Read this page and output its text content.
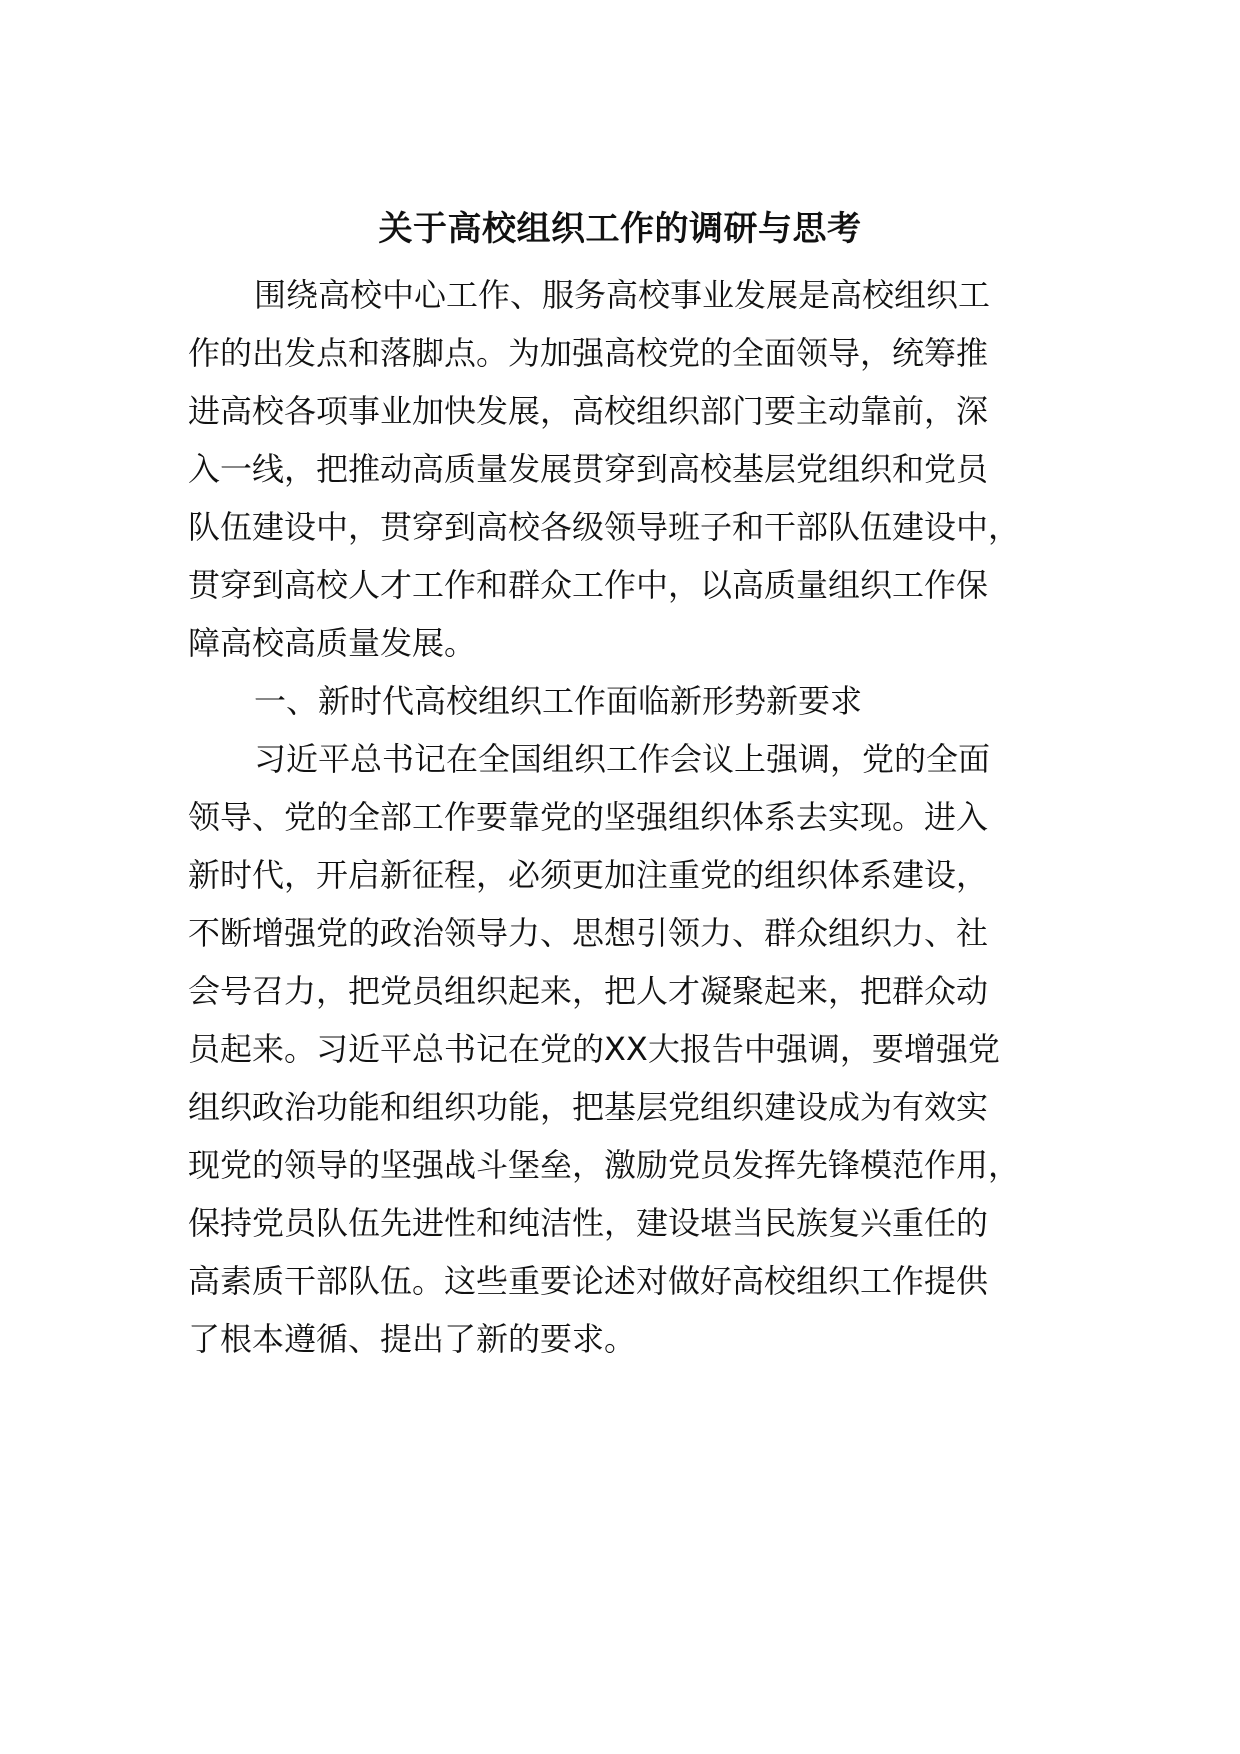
关于高校组织工作的调研与思考
围绕高校中心工作、服务高校事业发展是高校组织工
作的出发点和落脚点。为加强高校党的全面领导，统筹推
进高校各项事业加快发展，高校组织部门要主动靠前，深
入一线，把推动高质量发展贯穿到高校基层党组织和党员
队伍建设中，贯穿到高校各级领导班子和干部队伍建设中，
贯穿到高校人才工作和群众工作中，以高质量组织工作保
障高校高质量发展。
一、新时代高校组织工作面临新形势新要求
习近平总书记在全国组织工作会议上强调，党的全面
领导、党的全部工作要靠党的坚强组织体系去实现。进入
新时代，开启新征程，必须更加注重党的组织体系建设，
不断增强党的政治领导力、思想引领力、群众组织力、社
会号召力，把党员组织起来，把人才凝聚起来，把群众动
员起来。习近平总书记在党的XX大报告中强调，要增强党
组织政治功能和组织功能，把基层党组织建设成为有效实
现党的领导的坚强战斗堡垒，激励党员发挥先锋模范作用，
保持党员队伍先进性和纯洁性，建设堪当民族复兴重任的
高素质干部队伍。这些重要论述对做好高校组织工作提供
了根本遵循、提出了新的要求。
